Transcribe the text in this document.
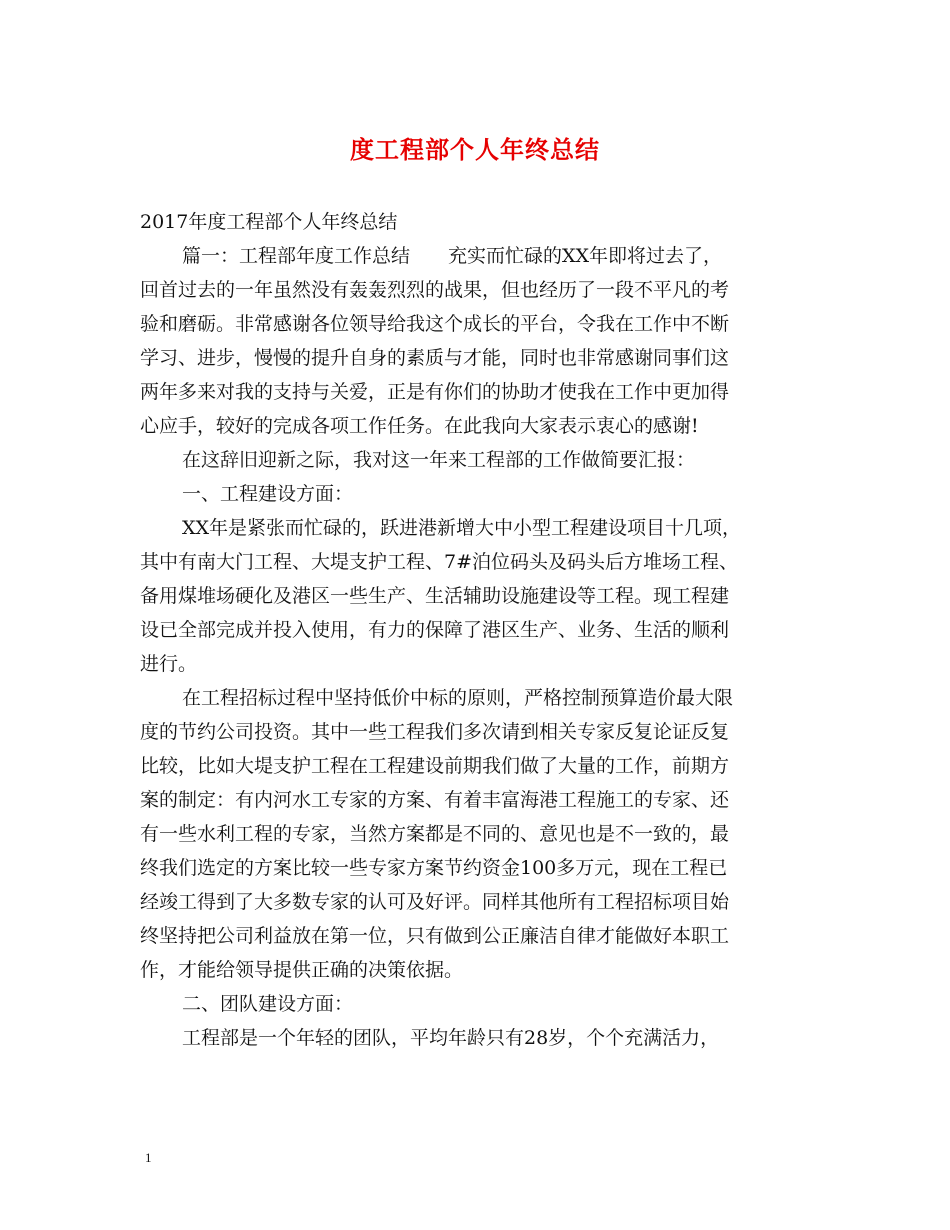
度工程部个人年终总结
2017年度工程部个人年终总结
篇一：工程部年度工作总结　　充实而忙碌的XX年即将过去了，
回首过去的一年虽然没有轰轰烈烈的战果，但也经历了一段不平凡的考
验和磨砺。非常感谢各位领导给我这个成长的平台，令我在工作中不断
学习、进步，慢慢的提升自身的素质与才能，同时也非常感谢同事们这
两年多来对我的支持与关爱，正是有你们的协助才使我在工作中更加得
心应手，较好的完成各项工作任务。在此我向大家表示衷心的感谢!
在这辞旧迎新之际，我对这一年来工程部的工作做简要汇报：
一、工程建设方面：
XX年是紧张而忙碌的，跃进港新增大中小型工程建设项目十几项，
其中有南大门工程、大堤支护工程、7#泊位码头及码头后方堆场工程、
备用煤堆场硬化及港区一些生产、生活辅助设施建设等工程。现工程建
设已全部完成并投入使用，有力的保障了港区生产、业务、生活的顺利
进行。
在工程招标过程中坚持低价中标的原则，严格控制预算造价最大限
度的节约公司投资。其中一些工程我们多次请到相关专家反复论证反复
比较，比如大堤支护工程在工程建设前期我们做了大量的工作，前期方
案的制定：有内河水工专家的方案、有着丰富海港工程施工的专家、还
有一些水利工程的专家，当然方案都是不同的、意见也是不一致的，最
终我们选定的方案比较一些专家方案节约资金100多万元，现在工程已
经竣工得到了大多数专家的认可及好评。同样其他所有工程招标项目始
终坚持把公司利益放在第一位，只有做到公正廉洁自律才能做好本职工
作，才能给领导提供正确的决策依据。
二、团队建设方面：
工程部是一个年轻的团队，平均年龄只有28岁，个个充满活力，
1
